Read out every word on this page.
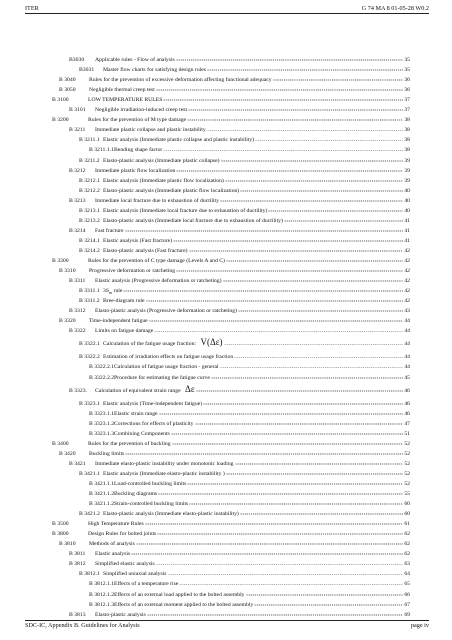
ITER	G 74 MA 8 01-05-28 W0.2
B3030	Applicable rules - Flow of analysis	35
B3031	Master flow charts for satisfying design rules	35
B 3040	Rules for the prevention of excessive deformation affecting functional adequacy	36
B 3050	Negligible thermal creep test	36
B 3100	LOW TEMPERATURE RULES	37
B 3101	Negligible irradiation-induced creep test	37
B 3200	Rules for the prevention of M type damage	38
B 3211	Immediate plastic collapse and plastic instability	38
B 3211.1 Elastic analysis (Immediate plastic collapse and plastic instability)	38
B 3211.1.1 Bending shape factor	38
B 3211.2 Elasto-plastic analysis (Immediate plastic collapse)	39
B 3212	Immediate plastic flow localization	39
B 3212.1 Elastic analysis (Immediate plastic flow localization)	39
B 3212.2 Elasto-plastic analysis (Immediate plastic flow localization)	40
B 3213	Immediate local fracture due to exhaustion of ductility	40
B 3213.1 Elastic analysis (Immediate local fracture due to exhaustion of ductility)	40
B 3213.2 Elasto-plastic analysis (Immediate local fracture due to exhaustion of ductility)	41
B 3214	Fast fracture	41
B 3214.1 Elastic analysis (Fast fracture)	41
B 3214.2 Elasto-plastic analysis (Fast fracture)	42
B 3300	Rules for the prevention of C type damage (Levels A and C)	42
B 3310	Progressive deformation or ratcheting	42
B 3311	Elastic analysis (Progressive deformation or ratcheting)	42
B 3311.1 $3S_m$ rule	42
B 3311.2 Bree-diagram rule	42
B 3312	Elasto-plastic analysis (Progressive deformation or ratcheting)	43
B 3320	Time-independent fatigue	44
B 3322	Limits on fatigue damage	44
B 3322.1 Calculation of the fatigue usage fraction: V(Δε)	44
B 3322.2 Estimation of irradiation effects on fatigue usage fraction	44
B 3322.2.1 Calculation of fatigue usage fraction - general	44
B 3322.2.2 Procedure for estimating the fatigue curve	45
B 3323.	Calculation of equivalent strain range Δε	46
B 3323.1 Elastic analysis (Time-independent fatigue)	46
B 3323.1.1 Elastic strain range	46
B 3323.1.2 Corrections for effects of plasticity	47
B 3323.1.3 Combining Components	51
B 3400	Rules for the prevention of buckling	52
B 3420	Buckling limits	52
B 3421	Immediate elasto-plastic instability under monotonic loading	52
B 3421.1 Elastic analysis (Immediate elasto-plastic instability )	52
B 3421.1.1 Load-controlled buckling limits	52
B 3421.1.2 Buckling diagrams	55
B 3421.1.2 Strain-controlled buckling limits	60
B 3421.2 Elasto-plastic analysis (Immediate elasto-plastic instability)	60
B 3500	High Temperature Rules	61
B 3800	Design Rules for bolted joints	62
B 3810	Methods of analysis	62
B 3811	Elastic analysis	62
B 3812	Simplified elastic analysis	63
B 3812.1 Simplified uniaxial analysis	64
B 3812.1.1 Effects of a temperature rise	65
B 3812.1.2 Effects of an external load applied to the bolted assembly	66
B 3812.1.3 Effects of an external moment applied to the bolted assembly	67
B 3813	Elasto-plastic analysis	69
SDC-IC, Appendix B. Guidelines for Analysis	page iv
